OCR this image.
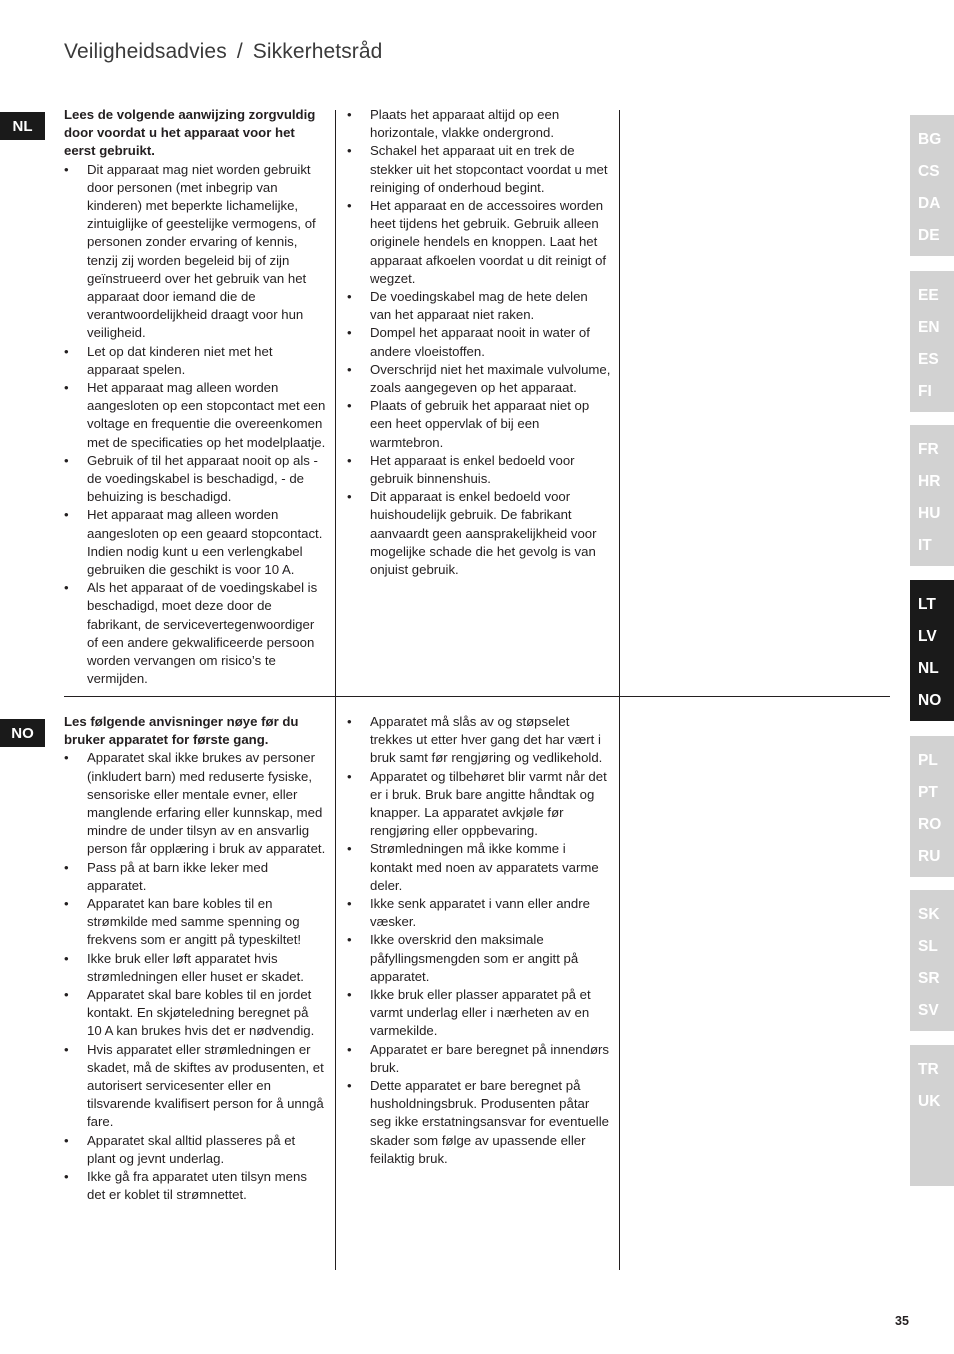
Veiligheidsadvies / Sikkerhetsråd
NL

Lees de volgende aanwijzing zorgvuldig door voordat u het apparaat voor het eerst gebruikt.

• Dit apparaat mag niet worden gebruikt door personen (met inbegrip van kinderen) met beperkte lichamelijke, zintuiglijke of geestelijke vermogens, of personen zonder ervaring of kennis, tenzij zij worden begeleid bij of zijn geïnstrueerd over het gebruik van het apparaat door iemand die de verantwoordelijkheid draagt voor hun veiligheid.
• Let op dat kinderen niet met het apparaat spelen.
• Het apparaat mag alleen worden aangesloten op een stopcontact met een voltage en frequentie die overeenkomen met de specificaties op het modelplaatje.
• Gebruik of til het apparaat nooit op als - de voedingskabel is beschadigd, - de behuizing is beschadigd.
• Het apparaat mag alleen worden aangesloten op een geaard stopcontact. Indien nodig kunt u een verlengkabel gebruiken die geschikt is voor 10 A.
• Als het apparaat of de voedingskabel is beschadigd, moet deze door de fabrikant, de servicevertegenwoordiger of een andere gekwalificeerde persoon worden vervangen om risico’s te vermijden.
• Plaats het apparaat altijd op een horizontale, vlakke ondergrond.
• Schakel het apparaat uit en trek de stekker uit het stopcontact voordat u met reiniging of onderhoud begint.
• Het apparaat en de accessoires worden heet tijdens het gebruik. Gebruik alleen originele hendels en knoppen. Laat het apparaat afkoelen voordat u dit reinigt of wegzet.
• De voedingskabel mag de hete delen van het apparaat niet raken.
• Dompel het apparaat nooit in water of andere vloeistoffen.
• Overschrijd niet het maximale vulvolume, zoals aangegeven op het apparaat.
• Plaats of gebruik het apparaat niet op een heet oppervlak of bij een warmtebron.
• Het apparaat is enkel bedoeld voor gebruik binnenshuis.
• Dit apparaat is enkel bedoeld voor huishoudelijk gebruik. De fabrikant aanvaardt geen aansprakelijkheid voor mogelijke schade die het gevolg is van onjuist gebruik.
NO

Les følgende anvisninger nøye før du bruker apparatet for første gang.

• Apparatet skal ikke brukes av personer (inkludert barn) med reduserte fysiske, sensoriske eller mentale evner, eller manglende erfaring eller kunnskap, med mindre de under tilsyn av en ansvarlig person får opplæring i bruk av apparatet.
• Pass på at barn ikke leker med apparatet.
• Apparatet kan bare kobles til en strømkilde med samme spenning og frekvens som er angitt på typeskiltet!
• Ikke bruk eller løft apparatet hvis strømledningen eller huset er skadet.
• Apparatet skal bare kobles til en jordet kontakt. En skjøteledning beregnet på 10 A kan brukes hvis det er nødvendig.
• Hvis apparatet eller strømledningen er skadet, må de skiftes av produsenten, et autorisert servicesenter eller en tilsvarende kvalifisert person for å unngå fare.
• Apparatet skal alltid plasseres på et plant og jevnt underlag.
• Ikke gå fra apparatet uten tilsyn mens det er koblet til strømnettet.
• Apparatet må slås av og støpselet trekkes ut etter hver gang det har vært i bruk samt før rengjøring og vedlikehold.
• Apparatet og tilbehøret blir varmt når det er i bruk. Bruk bare angitte håndtak og knapper. La apparatet avkjøle før rengjøring eller oppbevaring.
• Strømledningen må ikke komme i kontakt med noen av apparatets varme deler.
• Ikke senk apparatet i vann eller andre væsker.
• Ikke overskrid den maksimale påfyllingsmengden som er angitt på apparatet.
• Ikke bruk eller plasser apparatet på et varmt underlag eller i nærheten av en varmekilde.
• Apparatet er bare beregnet på innendørs bruk.
• Dette apparatet er bare beregnet på husholdningsbruk. Produsenten påtar seg ikke erstatningsansvar for eventuelle skader som følge av upassende eller feilaktig bruk.
BG
CS
DA
DE
EE
EN
ES
FI
FR
HR
HU
IT
LT
LV
NL
NO
PL
PT
RO
RU
SK
SL
SR
SV
TR
UK
35
